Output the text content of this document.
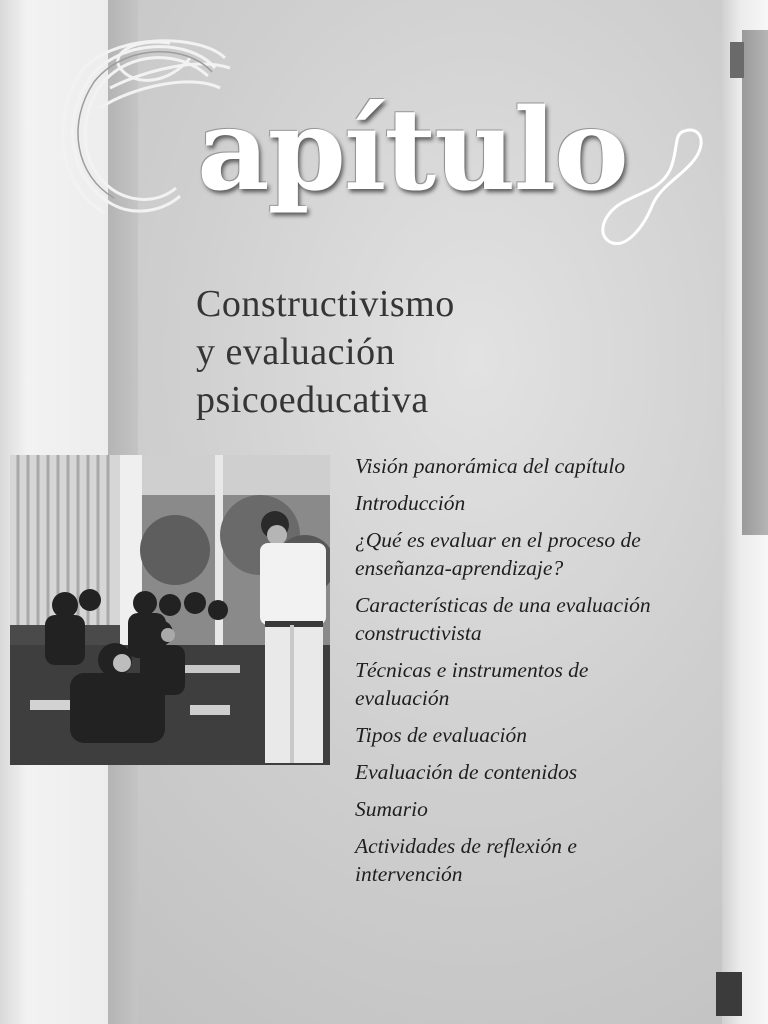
apítulo
Constructivismo
y evaluación
psicoeducativa
Visión panorámica del capítulo
Introducción
¿Qué es evaluar en el proceso de enseñanza-aprendizaje?
Características de una evaluación constructivista
Técnicas e instrumentos de evaluación
Tipos de evaluación
Evaluación de contenidos
Sumario
Actividades de reflexión e intervención
